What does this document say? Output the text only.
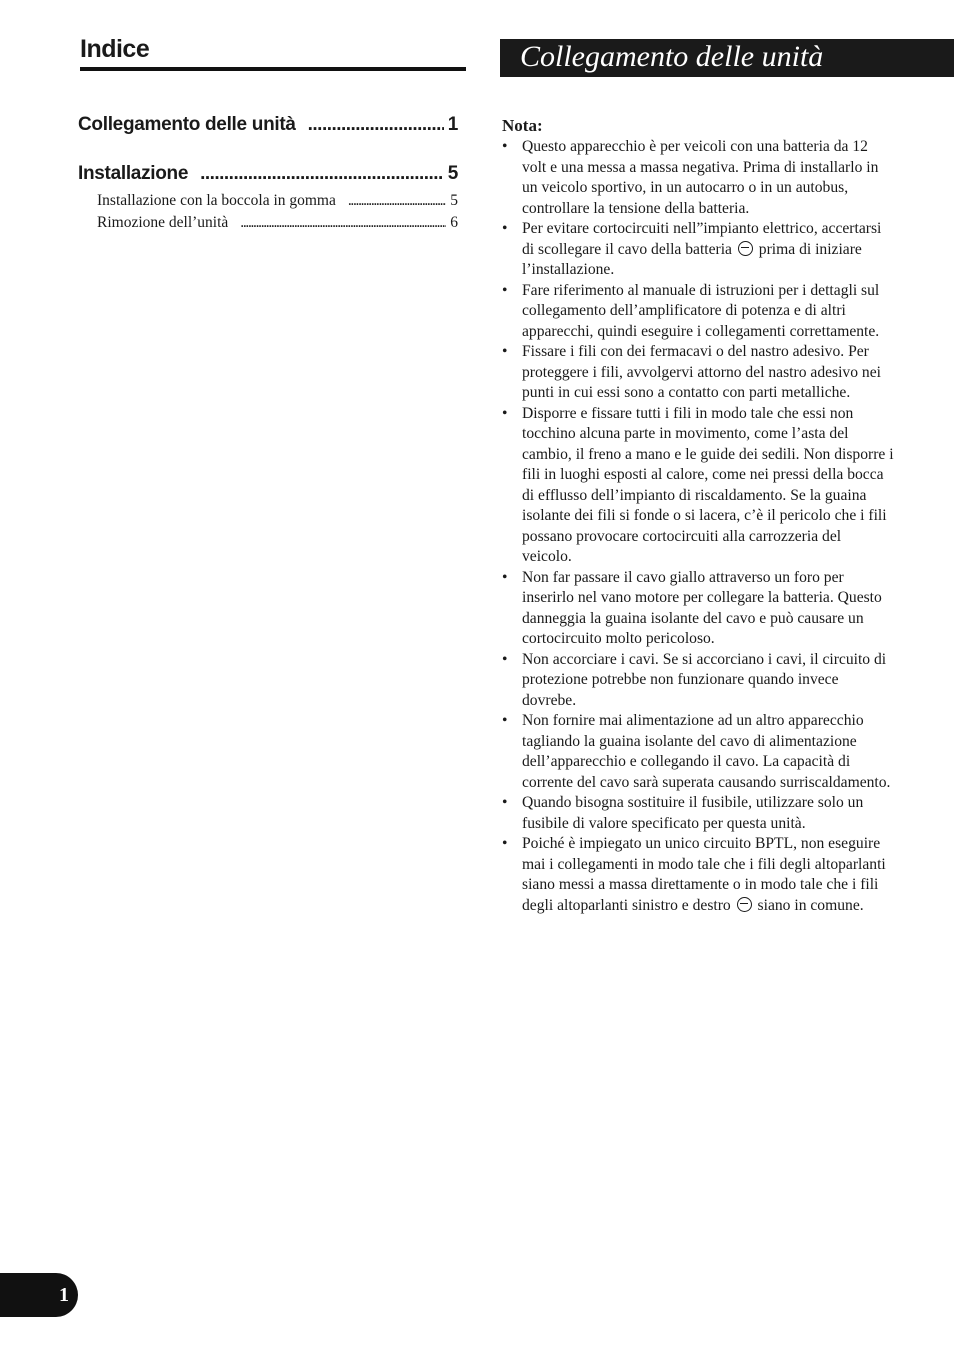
Indice
Collegamento delle unità . . .	1
Installazione . . .	5
Installazione con la boccola in gomma . . .	5
Rimozione dell’unità . . .	6
Collegamento delle unità
Nota:
• Questo apparecchio è per veicoli con una batteria da 12 volt e una messa a massa negativa. Prima di installarlo in un veicolo sportivo, in un autocarro o in un autobus, controllare la tensione della batteria.
• Per evitare cortocircuiti nell”impianto elettrico, accertarsi di scollegare il cavo della batteria prima di iniziare l’installazione.
• Fare riferimento al manuale di istruzioni per i dettagli sul collegamento dell’amplificatore di potenza e di altri apparecchi, quindi eseguire i collegamenti correttamente.
• Fissare i fili con dei fermacavi o del nastro adesivo. Per proteggere i fili, avvolgervi attorno del nastro adesivo nei punti in cui essi sono a contatto con parti metalliche.
• Disporre e fissare tutti i fili in modo tale che essi non tocchino alcuna parte in movimento, come l’asta del cambio, il freno a mano e le guide dei sedili. Non disporre i fili in luoghi esposti al calore, come nei pressi della bocca di efflusso dell’impianto di riscaldamento. Se la guaina isolante dei fili si fonde o si lacera, c’è il pericolo che i fili possano provocare cortocircuiti alla carrozzeria del veicolo.
• Non far passare il cavo giallo attraverso un foro per inserirlo nel vano motore per collegare la batteria. Questo danneggia la guaina isolante del cavo e può causare un cortocircuito molto pericoloso.
• Non accorciare i cavi. Se si accorciano i cavi, il circuito di protezione potrebbe non funzionare quando invece dovrebe.
• Non fornire mai alimentazione ad un altro apparecchio tagliando la guaina isolante del cavo di alimentazione dell’apparecchio e collegando il cavo. La capacità di corrente del cavo sarà superata causando surriscaldamento.
• Quando bisogna sostituire il fusibile, utilizzare solo un fusibile di valore specificato per questa unità.
• Poiché è impiegato un unico circuito BPTL, non eseguire mai i collegamenti in modo tale che i fili degli altoparlanti siano messi a massa direttamente o in modo tale che i fili degli altoparlanti sinistro e destro siano in comune.
1
